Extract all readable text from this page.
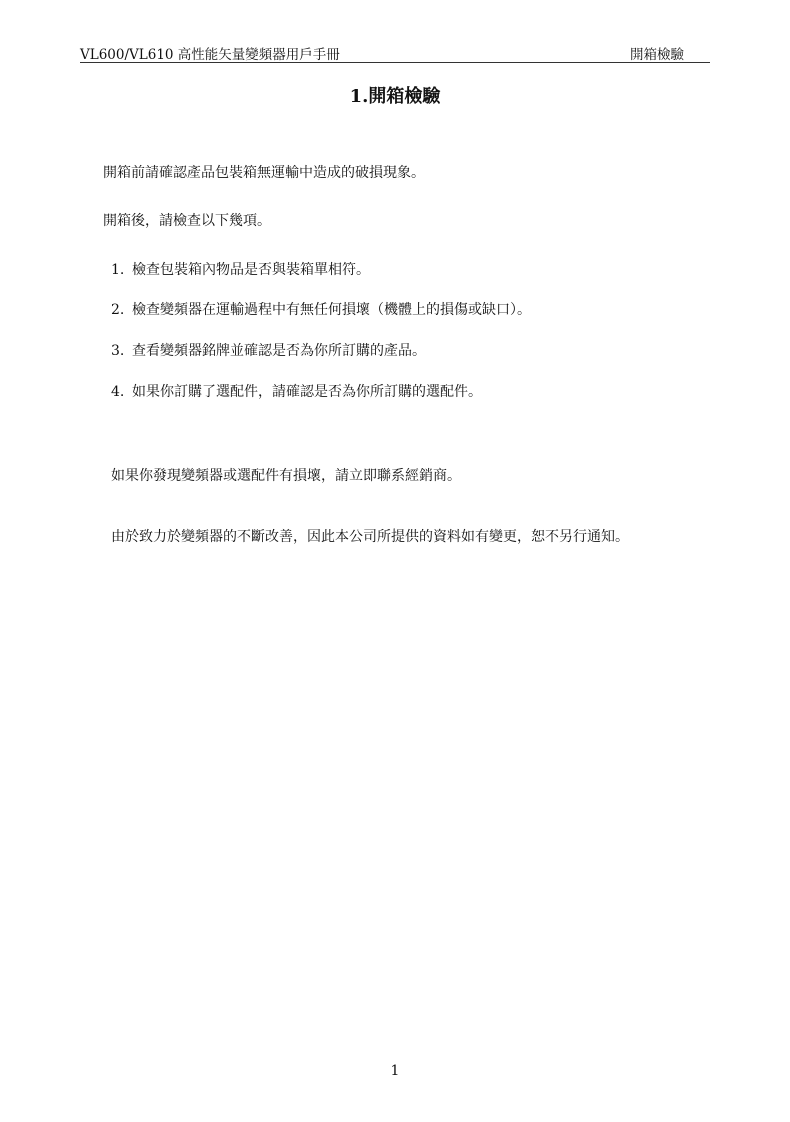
VL600/VL610 高性能矢量變頻器用戶手冊	開箱檢驗
1.開箱檢驗
開箱前請確認產品包裝箱無運輸中造成的破損現象。
開箱後，請檢查以下幾項。
1. 檢查包裝箱內物品是否與裝箱單相符。
2. 檢查變頻器在運輸過程中有無任何損壞（機體上的損傷或缺口）。
3. 查看變頻器銘牌並確認是否為你所訂購的產品。
4. 如果你訂購了選配件，請確認是否為你所訂購的選配件。
如果你發現變頻器或選配件有損壞，請立即聯系經銷商。
由於致力於變頻器的不斷改善，因此本公司所提供的資料如有變更，恕不另行通知。
1
